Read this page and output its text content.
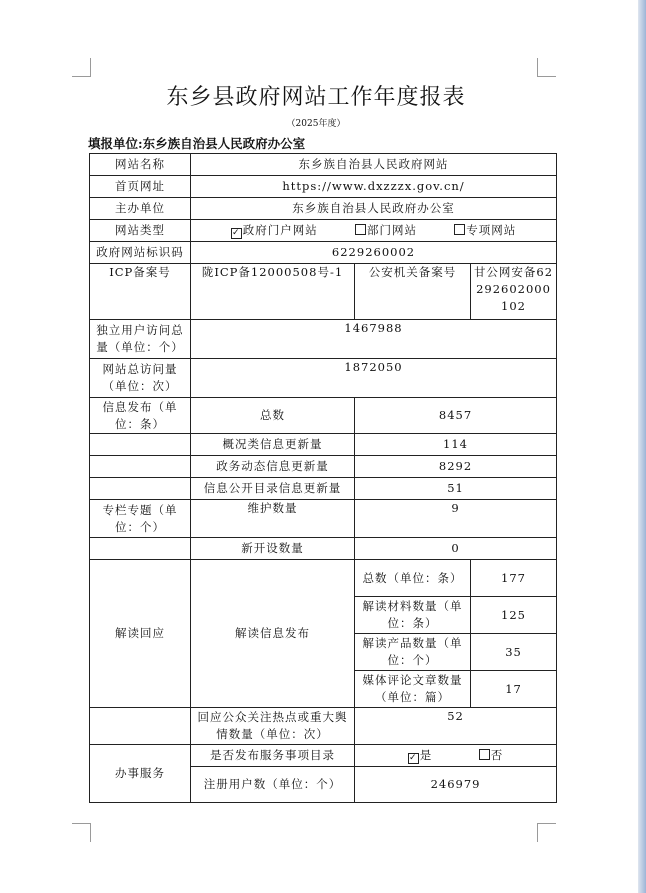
东乡县政府网站工作年度报表
（2025年度）
填报单位:东乡族自治县人民政府办公室
网站名称	东乡族自治县人民政府网站		
首页网址	https://www.dxzzzx.gov.cn/		
主办单位	东乡族自治县人民政府办公室		
网站类型	✓ 政府门户网站 部门网站 专项网站		
政府网站标识码	6229260002		
ICP备案号	陇ICP备12000508号-1	公安机关备案号	甘公网安备62292602000102
独立用户访问总量（单位：个）	1467988		
网站总访问量（单位：次）	1872050		
信息发布（单位：条）	总数	8457	
	概况类信息更新量	114	
	政务动态信息更新量	8292	
	信息公开目录信息更新量	51	
专栏专题（单位：个）	维护数量	9	
	新开设数量	0	
解读回应	解读信息发布	总数（单位：条）	177
		解读材料数量（单位：条）	125
		解读产品数量（单位：个）	35
		媒体评论文章数量（单位：篇）	17
	回应公众关注热点或重大舆情数量（单位：次）	52	
办事服务	是否发布服务事项目录	✓ 是 否	
	注册用户数（单位：个）	246979	
